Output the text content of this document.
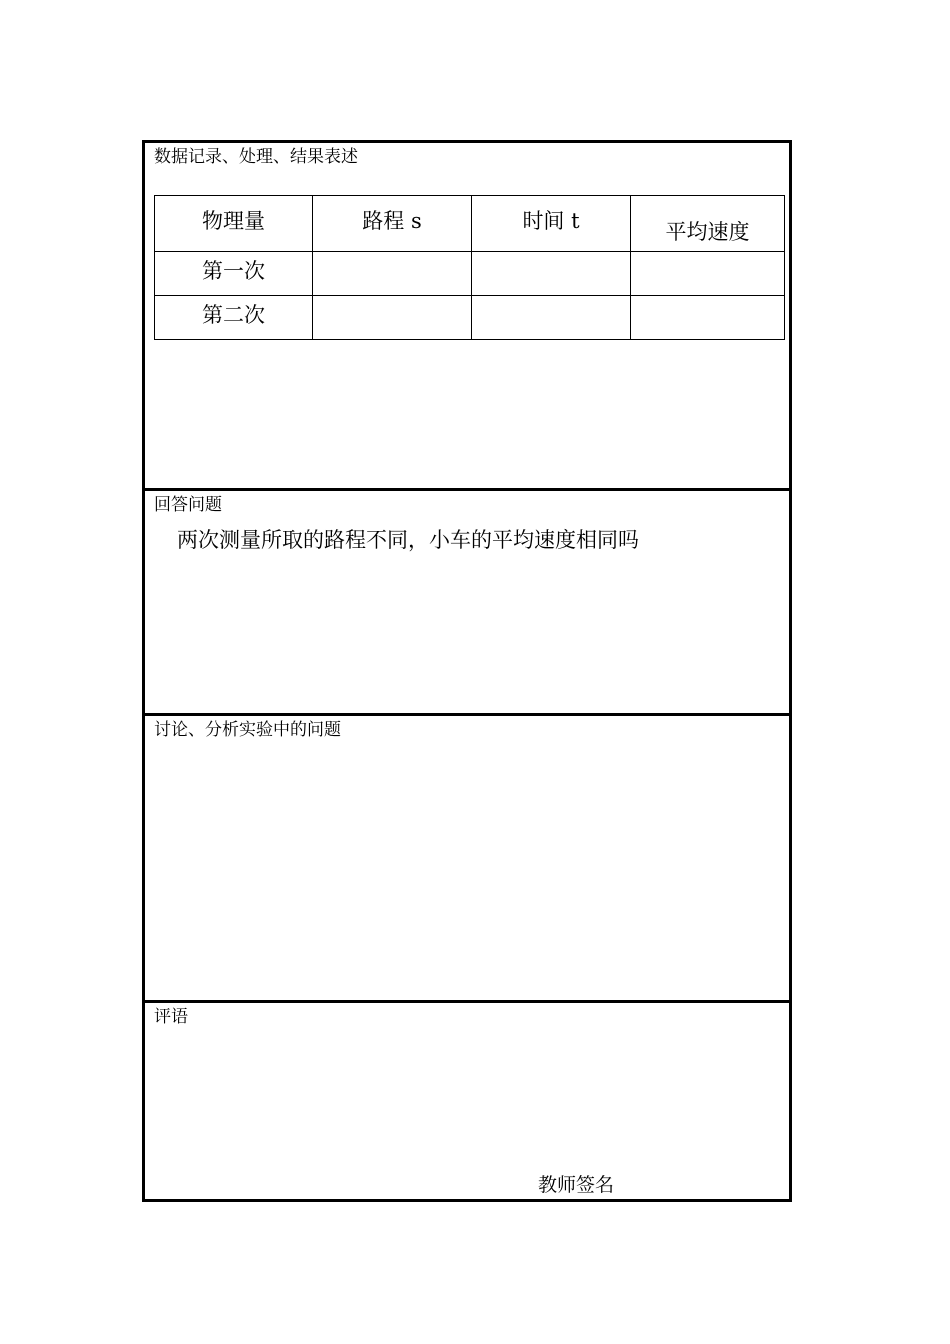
数据记录、处理、结果表述
物理量	路程 s	时间 t	平均速度

第一次			

第二次			

回答问题
两次测量所取的路程不同，小车的平均速度相同吗
讨论、分析实验中的问题
评语
教师签名
